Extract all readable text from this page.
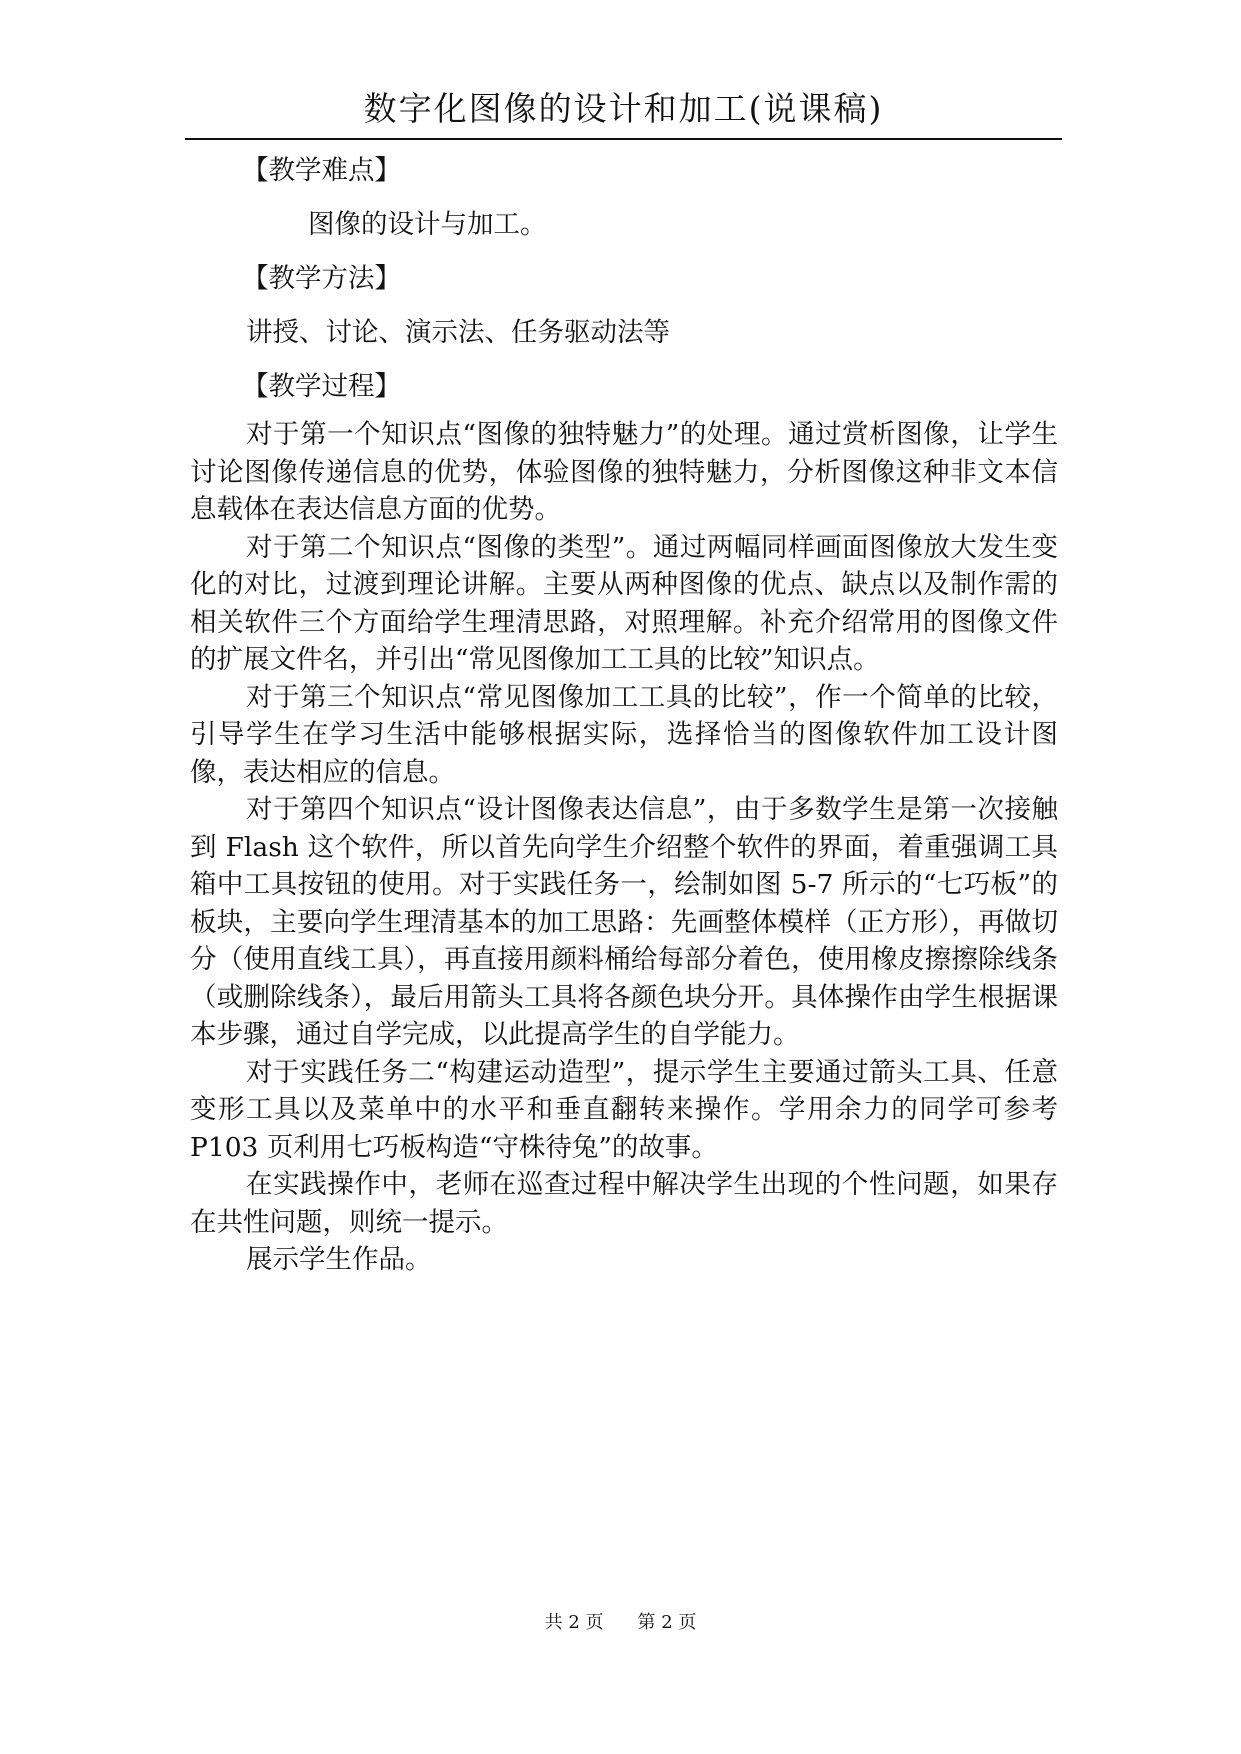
数字化图像的设计和加工(说课稿)

【教学难点】

图像的设计与加工。

【教学方法】

讲授、讨论、演示法、任务驱动法等

【教学过程】

对于第一个知识点“图像的独特魅力”的处理。通过赏析图像，让学生讨论图像传递信息的优势，体验图像的独特魅力，分析图像这种非文本信息载体在表达信息方面的优势。

对于第二个知识点“图像的类型”。通过两幅同样画面图像放大发生变化的对比，过渡到理论讲解。主要从两种图像的优点、缺点以及制作需的相关软件三个方面给学生理清思路，对照理解。补充介绍常用的图像文件的扩展文件名，并引出“常见图像加工工具的比较”知识点。

对于第三个知识点“常见图像加工工具的比较”，作一个简单的比较，引导学生在学习生活中能够根据实际，选择恰当的图像软件加工设计图像，表达相应的信息。

对于第四个知识点“设计图像表达信息”，由于多数学生是第一次接触到 Flash 这个软件，所以首先向学生介绍整个软件的界面，着重强调工具箱中工具按钮的使用。对于实践任务一，绘制如图 5-7 所示的“七巧板”的板块，主要向学生理清基本的加工思路：先画整体模样（正方形），再做切分（使用直线工具），再直接用颜料桶给每部分着色，使用橡皮擦擦除线条（或删除线条），最后用箭头工具将各颜色块分开。具体操作由学生根据课本步骤，通过自学完成，以此提高学生的自学能力。

对于实践任务二“构建运动造型”，提示学生主要通过箭头工具、任意变形工具以及菜单中的水平和垂直翻转来操作。学用余力的同学可参考 P103 页利用七巧板构造“守株待兔”的故事。

在实践操作中，老师在巡查过程中解决学生出现的个性问题，如果存在共性问题，则统一提示。

展示学生作品。

共 2 页 第 2 页
